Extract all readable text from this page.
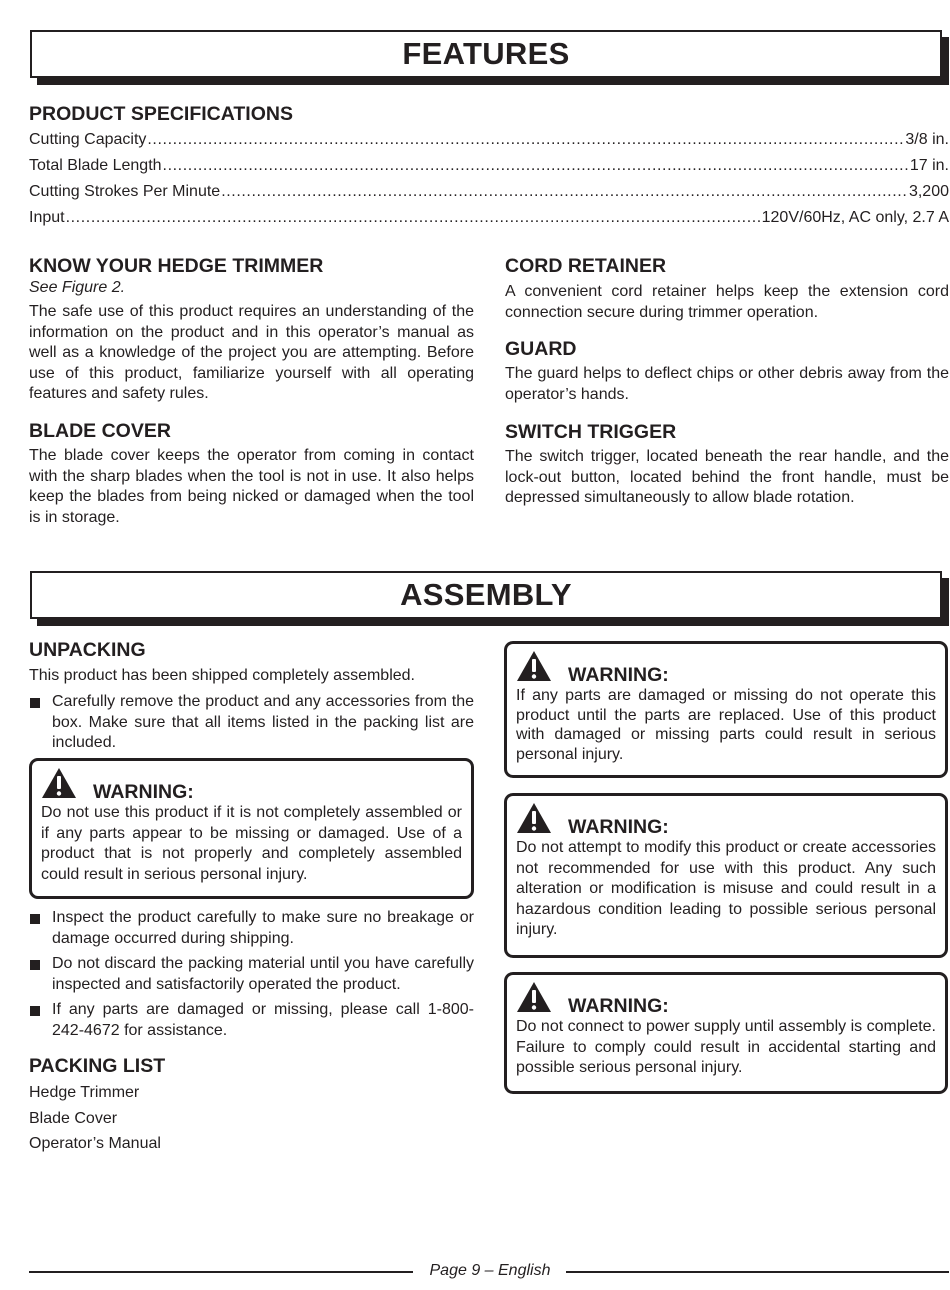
FEATURES
PRODUCT SPECIFICATIONS
Cutting Capacity .....	3/8 in.
Total Blade Length .....	17 in.
Cutting Strokes Per Minute .....	3,200
Input .....	120V/60Hz, AC only, 2.7 A
KNOW YOUR HEDGE TRIMMER
See Figure 2.
The safe use of this product requires an understanding of the information on the product and in this operator’s manual as well as a knowledge of the project you are attempting. Before use of this product, familiarize yourself with all operating features and safety rules.
BLADE COVER
The blade cover keeps the operator from coming in contact with the sharp blades when the tool is not in use. It also helps keep the blades from being nicked or damaged when the tool is in storage.
CORD RETAINER
A convenient cord retainer helps keep the extension cord connection secure during trimmer operation.
GUARD
The guard helps to deflect chips or other debris away from the operator’s hands.
SWITCH TRIGGER
The switch trigger, located beneath the rear handle, and the lock-out button, located behind the front handle, must be depressed simultaneously to allow blade rotation.
ASSEMBLY
UNPACKING
This product has been shipped completely assembled.
Carefully remove the product and any accessories from the box. Make sure that all items listed in the packing list are included.
WARNING:
Do not use this product if it is not completely assembled or if any parts appear to be missing or damaged. Use of a product that is not properly and completely assembled could result in serious personal injury.
Inspect the product carefully to make sure no breakage or damage occurred during shipping.
Do not discard the packing material until you have carefully inspected and satisfactorily operated the product.
If any parts are damaged or missing, please call 1-800-242-4672 for assistance.
PACKING LIST
Hedge Trimmer
Blade Cover
Operator’s Manual
WARNING:
If any parts are damaged or missing do not operate this product until the parts are replaced. Use of this product with damaged or missing parts could result in serious personal injury.
WARNING:
Do not attempt to modify this product or create accessories not recommended for use with this product. Any such alteration or modification is misuse and could result in a hazardous condition leading to possible serious personal injury.
WARNING:
Do not connect to power supply until assembly is complete. Failure to comply could result in accidental starting and possible serious personal injury.
Page 9 – English
